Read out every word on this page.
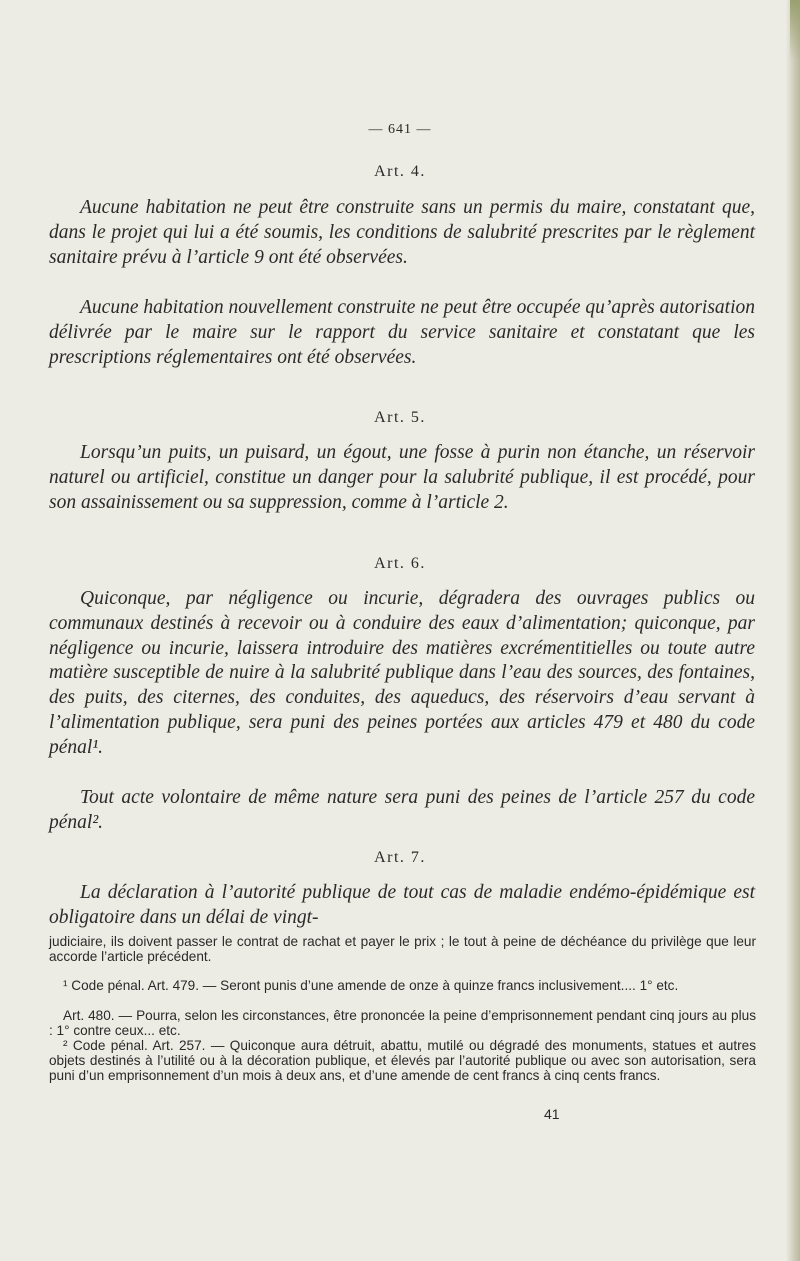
— 641 —
Art. 4.

Aucune habitation ne peut être construite sans un permis du maire, constatant que, dans le projet qui lui a été soumis, les conditions de salubrité prescrites par le règlement sanitaire prévu à l’article 9 ont été observées.

Aucune habitation nouvellement construite ne peut être occupée qu’après autorisation délivrée par le maire sur le rapport du service sanitaire et constatant que les prescriptions réglementaires ont été observées.

Art. 5.

Lorsqu’un puits, un puisard, un égout, une fosse à purin non étanche, un réservoir naturel ou artificiel, constitue un danger pour la salubrité publique, il est procédé, pour son assainissement ou sa suppression, comme à l’article 2.

Art. 6.

Quiconque, par négligence ou incurie, dégradera des ouvrages publics ou communaux destinés à recevoir ou à conduire des eaux d’alimentation; quiconque, par négligence ou incurie, laissera introduire des matières excrémentitielles ou toute autre matière susceptible de nuire à la salubrité publique dans l’eau des sources, des fontaines, des puits, des citernes, des conduites, des aqueducs, des réservoirs d’eau servant à l’alimentation publique, sera puni des peines portées aux articles 479 et 480 du code pénal¹.

Tout acte volontaire de même nature sera puni des peines de l’article 257 du code pénal².

Art. 7.

La déclaration à l’autorité publique de tout cas de maladie endémo-épidémique est obligatoire dans un délai de vingt-

judiciaire, ils doivent passer le contrat de rachat et payer le prix ; le tout à peine de déchéance du privilège que leur accorde l’article précédent.

¹ Code pénal. Art. 479. — Seront punis d’une amende de onze à quinze francs inclusivement.... 1° etc.

Art. 480. — Pourra, selon les circonstances, être prononcée la peine d’emprisonnement pendant cinq jours au plus : 1° contre ceux... etc.

² Code pénal. Art. 257. — Quiconque aura détruit, abattu, mutilé ou dégradé des monuments, statues et autres objets destinés à l’utilité ou à la décoration publique, et élevés par l’autorité publique ou avec son autorisation, sera puni d’un emprisonnement d’un mois à deux ans, et d’une amende de cent francs à cinq cents francs.

41
